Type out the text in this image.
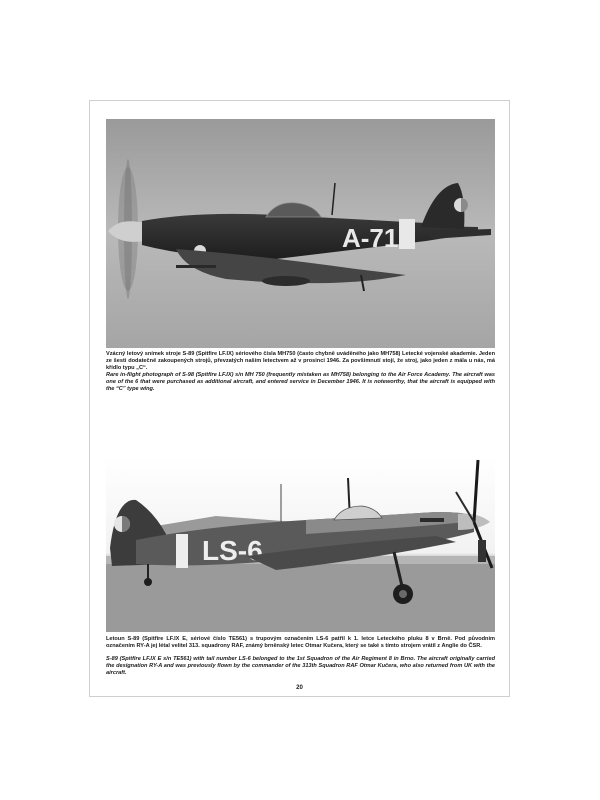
A-717

Vzácný letový snímek stroje S-89 (Spitfire LF.IX) sériového čísla MH750 (často chybně uváděného jako MH758) Letecké vojenské akademie. Jeden ze šesti dodatečně zakoupených strojů, převzatých naším letectvem až v prosinci 1946. Za povšimnutí stojí, že stroj, jako jeden z mála u nás, má křídlo typu „C“.

Rare in-flight photograph of S-98 (Spitfire LF.IX) s/n MH 750 (frequently mistaken as MH758) belonging to the Air Force Academy. The aircraft was one of the 6 that were purchased as additional aircraft, and entered service in December 1946. It is noteworthy, that the aircraft is equipped with the “C” type wing.

LS-6

Letoun S-89 (Spitfire LF.IX E, sériové číslo TE561) s trupovým označením LS-6 patřil k 1. letce Leteckého pluku 8 v Brně. Pod původním označením RY-A jej létal velitel 313. squadrony RAF, známý brněnský letec Otmar Kučera, který se také s tímto strojem vrátil z Anglie do ČSR.

S-89 (Spitfire LF.IX E s/n TE561) with tail number LS-6 belonged to the 1st Squadron of the Air Regiment 8 in Brno. The aircraft originally carried the designation RY-A and was previously flown by the commander of the 313th Squadron RAF Otmar Kučera, who also returned from UK with the aircraft.

20
